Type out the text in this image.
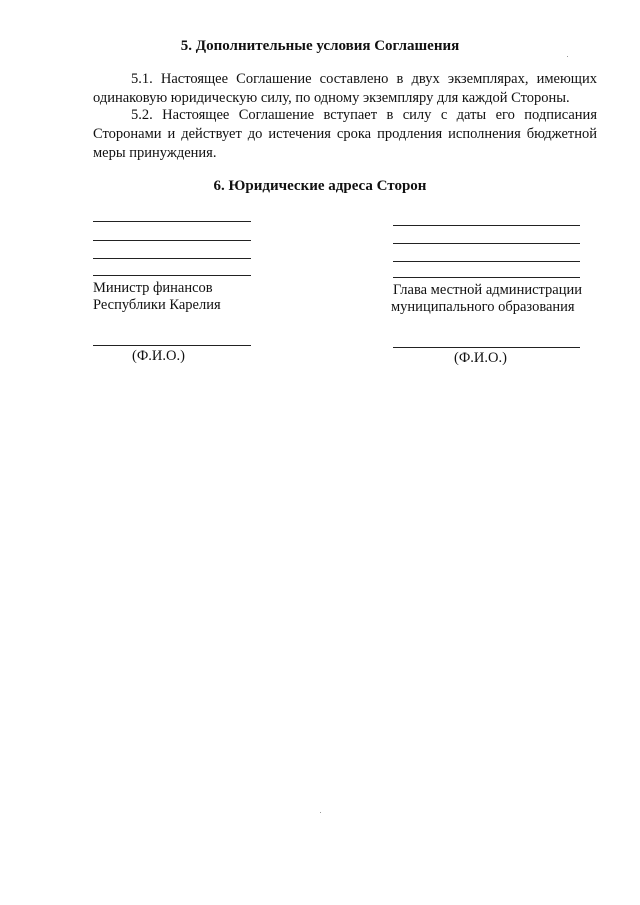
5. Дополнительные условия Соглашения
5.1. Настоящее Соглашение составлено в двух экземплярах, имеющих одинаковую юридическую силу, по одному экземпляру для каждой Стороны.
5.2. Настоящее Соглашение вступает в силу с даты его подписания Сторонами и действует до истечения срока продления исполнения бюджетной меры принуждения.
6. Юридические адреса Сторон
Министр финансов
Республики Карелия
(Ф.И.О.)
Глава местной администрации
муниципального образования
(Ф.И.О.)
